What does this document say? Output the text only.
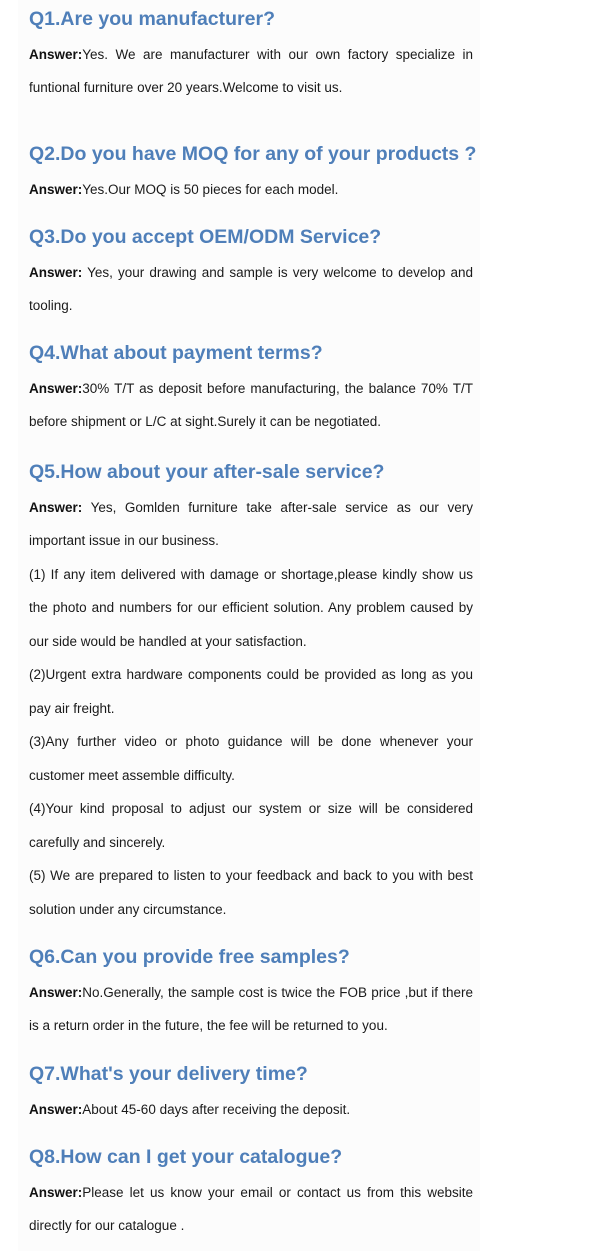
Q1.Are you manufacturer?

Answer:Yes. We are manufacturer with our own factory specialize in funtional furniture over 20 years.Welcome to visit us.

Q2.Do you have MOQ for any of your products ?

Answer:Yes.Our MOQ is 50 pieces for each model.

Q3.Do you accept OEM/ODM Service?

Answer: Yes, your drawing and sample is very welcome to develop and tooling.

Q4.What about payment terms?

Answer:30% T/T as deposit before manufacturing, the balance 70% T/T before shipment or L/C at sight.Surely it can be negotiated.

Q5.How about your after-sale service?

Answer: Yes, Gomlden furniture take after-sale service as our very important issue in our business.

(1) If any item delivered with damage or shortage,please kindly show us the photo and numbers for our efficient solution. Any problem caused by our side would be handled at your satisfaction.

(2)Urgent extra hardware components could be provided as long as you pay air freight.

(3)Any further video or photo guidance will be done whenever your customer meet assemble difficulty.

(4)Your kind proposal to adjust our system or size will be considered carefully and sincerely.

(5) We are prepared to listen to your feedback and back to you with best solution under any circumstance.

Q6.Can you provide free samples?

Answer:No.Generally, the sample cost is twice the FOB price ,but if there is a return order in the future, the fee will be returned to you.

Q7.What's your delivery time?

Answer:About 45-60 days after receiving the deposit.

Q8.How can I get your catalogue?

Answer:Please let us know your email or contact us from this website directly for our catalogue .
